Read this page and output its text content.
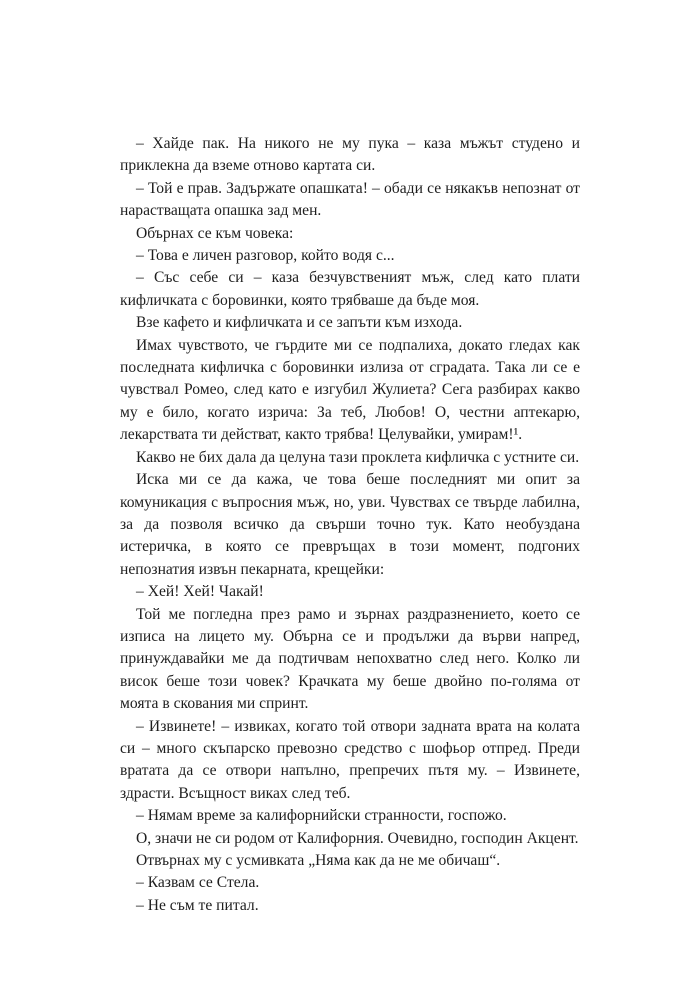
– Хайде пак. На никого не му пука – каза мъжът студено и приклекна да вземе отново картата си.

– Той е прав. Задържате опашката! – обади се някакъв непознат от нарастващата опашка зад мен.

Обърнах се към човека:

– Това е личен разговор, който водя с...

– Със себе си – каза безчувственият мъж, след като плати кифличката с боровинки, която трябваше да бъде моя.

Взе кафето и кифличката и се запъти към изхода.

Имах чувството, че гърдите ми се подпалиха, докато гледах как последната кифличка с боровинки излиза от сградата. Така ли се е чувствал Ромео, след като е изгубил Жулиета? Сега разбирах какво му е било, когато изрича: За теб, Любов! О, честни аптекарю, лекарствата ти действат, както трябва! Целувайки, умирам!¹.

Какво не бих дала да целуна тази проклета кифличка с устните си.

Искa ми се да кажа, че това беше последният ми опит за комуникация с въпросния мъж, но, уви. Чувствах се твърде лабилна, за да позволя всичко да свърши точно тук. Като необуздана истеричка, в която се превръщах в този момент, подгоних непознатия извън пекарната, крещейки:

– Хей! Хей! Чакай!

Той ме погледна през рамо и зърнах раздразнението, което се изписа на лицето му. Обърна се и продължи да върви напред, принуждавайки ме да подтичвам непохватно след него. Колко ли висок беше този човек? Крачката му беше двойно по-голяма от моята в скования ми спринт.

– Извинете! – извиках, когато той отвори задната врата на колата си – много скъпарско превозно средство с шофьор отпред. Преди вратата да се отвори напълно, препречих пътя му. – Извинете, здрасти. Всъщност виках след теб.

– Нямам време за калифорнийски странности, госпожо.

О, значи не си родом от Калифорния. Очевидно, господин Акцент.

Отвърнах му с усмивката „Няма как да не ме обичаш“.

– Казвам се Стела.

– Не съм те питал.
